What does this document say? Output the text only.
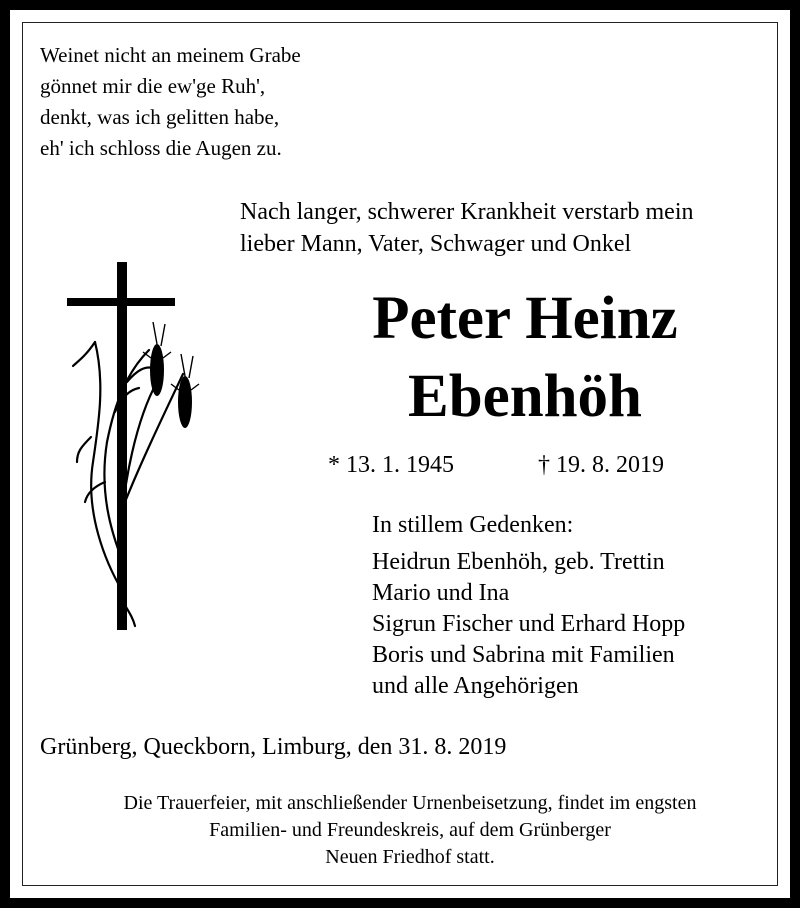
Weinet nicht an meinem Grabe
gönnet mir die ew'ge Ruh',
denkt, was ich gelitten habe,
eh' ich schloss die Augen zu.
Nach langer, schwerer Krankheit verstarb mein
lieber Mann, Vater, Schwager und Onkel
Peter Heinz
Ebenhöh
* 13. 1. 1945	† 19. 8. 2019
In stillem Gedenken:
Heidrun Ebenhöh, geb. Trettin
Mario und Ina
Sigrun Fischer und Erhard Hopp
Boris und Sabrina mit Familien
und alle Angehörigen
Grünberg, Queckborn, Limburg, den 31. 8. 2019
Die Trauerfeier, mit anschließender Urnenbeisetzung, findet im engsten
Familien- und Freundeskreis, auf dem Grünberger
Neuen Friedhof statt.
